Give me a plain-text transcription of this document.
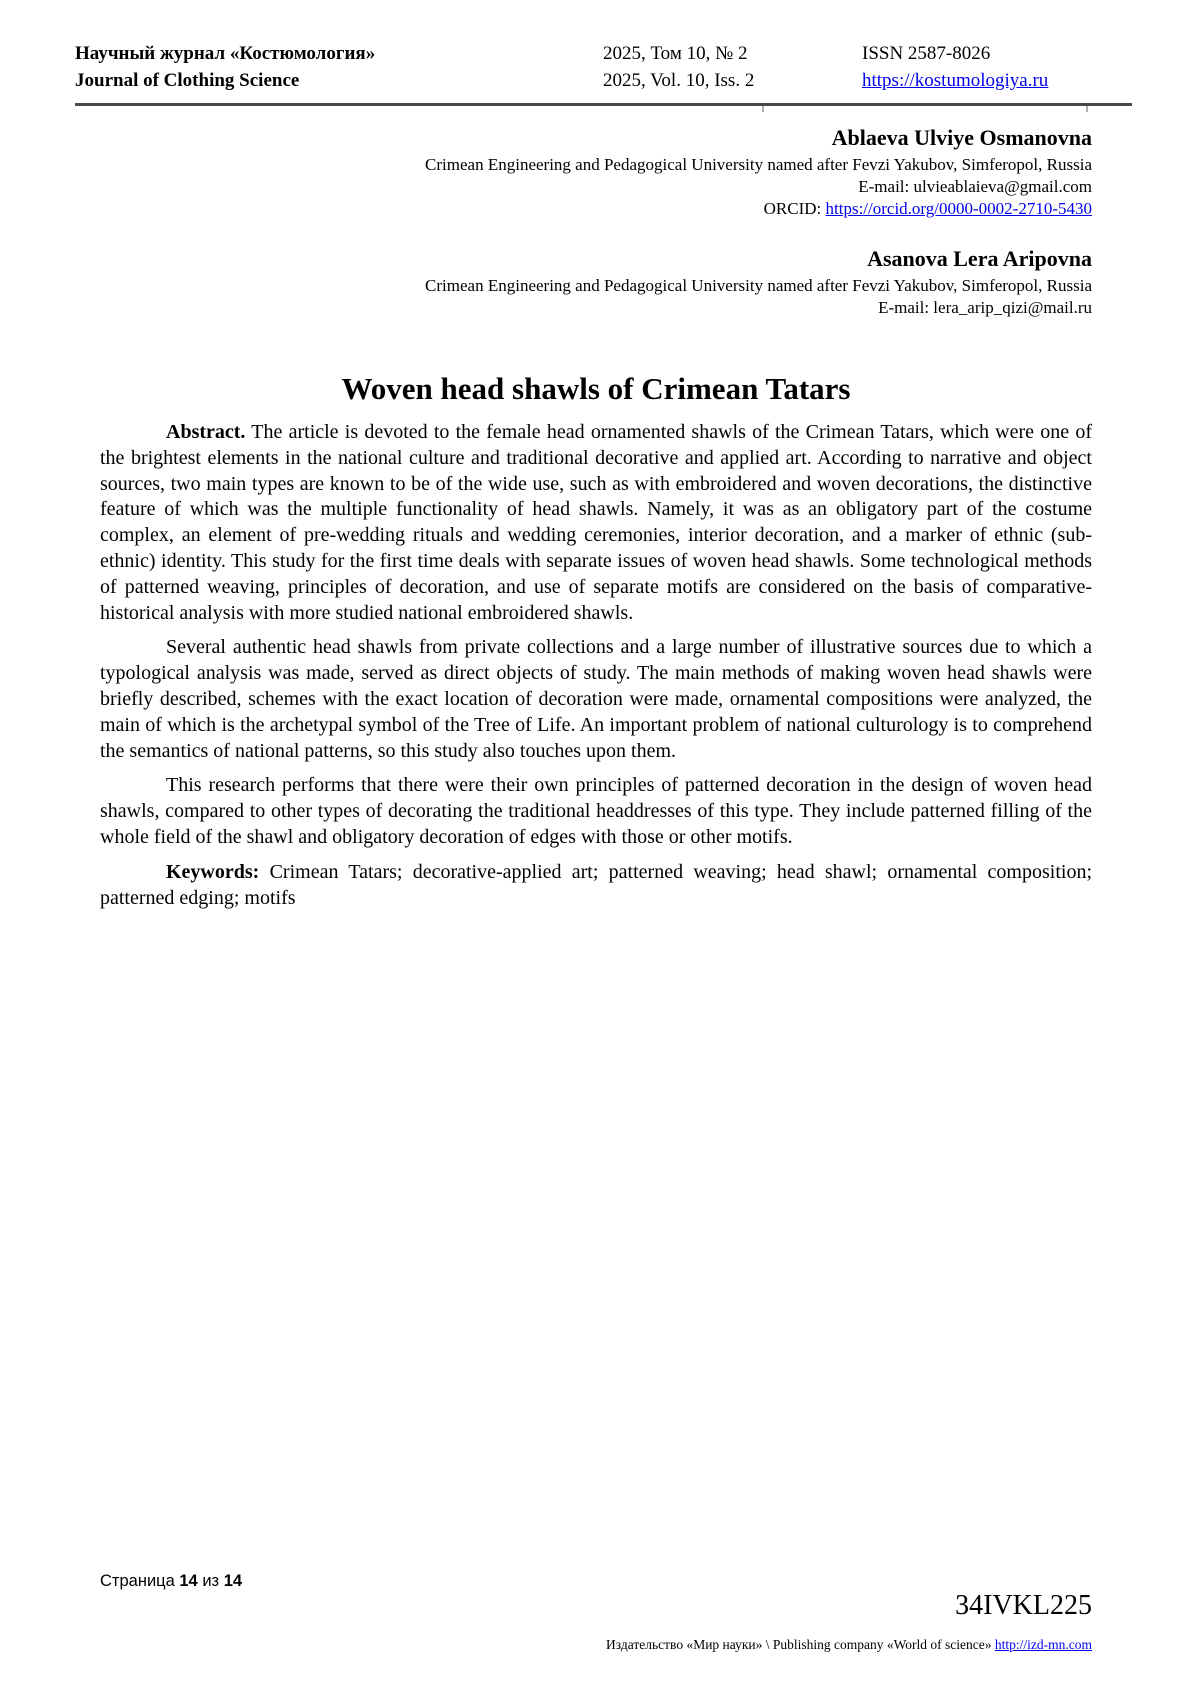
Научный журнал «Костюмология»
Journal of Clothing Science
2025, Том 10, № 2
2025, Vol. 10, Iss. 2
ISSN 2587-8026
https://kostumologiya.ru
Ablaeva Ulviye Osmanovna
Crimean Engineering and Pedagogical University named after Fevzi Yakubov, Simferopol, Russia
E-mail: ulvieablaieva@gmail.com
ORCID: https://orcid.org/0000-0002-2710-5430
Asanova Lera Aripovna
Crimean Engineering and Pedagogical University named after Fevzi Yakubov, Simferopol, Russia
E-mail: lera_arip_qizi@mail.ru
Woven head shawls of Crimean Tatars

Abstract. The article is devoted to the female head ornamented shawls of the Crimean Tatars, which were one of the brightest elements in the national culture and traditional decorative and applied art. According to narrative and object sources, two main types are known to be of the wide use, such as with embroidered and woven decorations, the distinctive feature of which was the multiple functionality of head shawls. Namely, it was as an obligatory part of the costume complex, an element of pre-wedding rituals and wedding ceremonies, interior decoration, and a marker of ethnic (sub-ethnic) identity. This study for the first time deals with separate issues of woven head shawls. Some technological methods of patterned weaving, principles of decoration, and use of separate motifs are considered on the basis of comparative-historical analysis with more studied national embroidered shawls.

Several authentic head shawls from private collections and a large number of illustrative sources due to which a typological analysis was made, served as direct objects of study. The main methods of making woven head shawls were briefly described, schemes with the exact location of decoration were made, ornamental compositions were analyzed, the main of which is the archetypal symbol of the Tree of Life. An important problem of national culturology is to comprehend the semantics of national patterns, so this study also touches upon them.

This research performs that there were their own principles of patterned decoration in the design of woven head shawls, compared to other types of decorating the traditional headdresses of this type. They include patterned filling of the whole field of the shawl and obligatory decoration of edges with those or other motifs.

Keywords: Crimean Tatars; decorative-applied art; patterned weaving; head shawl; ornamental composition; patterned edging; motifs

Страница 14 из 14
34IVKL225
Издательство «Мир науки» \ Publishing company «World of science» http://izd-mn.com
